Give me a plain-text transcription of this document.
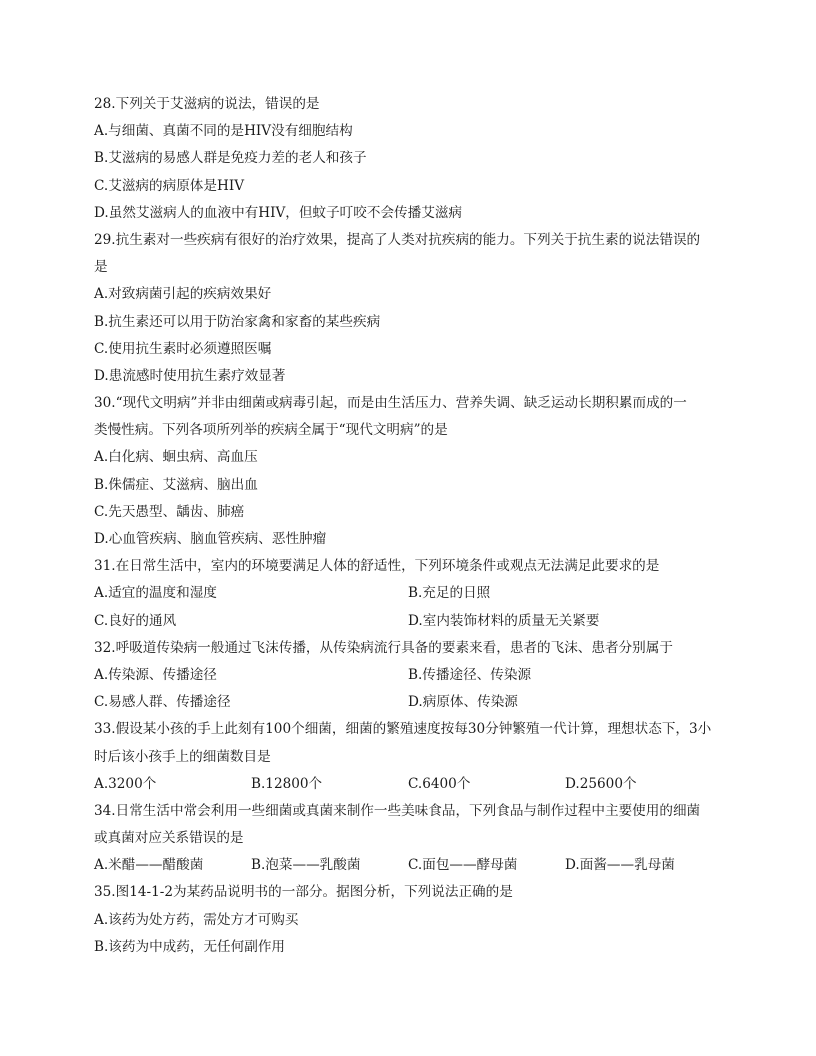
28.下列关于艾滋病的说法，错误的是
A.与细菌、真菌不同的是HIV没有细胞结构
B.艾滋病的易感人群是免疫力差的老人和孩子
C.艾滋病的病原体是HIV
D.虽然艾滋病人的血液中有HIV，但蚊子叮咬不会传播艾滋病
29.抗生素对一些疾病有很好的治疗效果，提高了人类对抗疾病的能力。下列关于抗生素的说法错误的
是
A.对致病菌引起的疾病效果好
B.抗生素还可以用于防治家禽和家畜的某些疾病
C.使用抗生素时必须遵照医嘱
D.患流感时使用抗生素疗效显著
30.“现代文明病”并非由细菌或病毒引起，而是由生活压力、营养失调、缺乏运动长期积累而成的一
类慢性病。下列各项所列举的疾病全属于“现代文明病”的是
A.白化病、蛔虫病、高血压
B.侏儒症、艾滋病、脑出血
C.先天愚型、龋齿、肺癌
D.心血管疾病、脑血管疾病、恶性肿瘤
31.在日常生活中，室内的环境要满足人体的舒适性，下列环境条件或观点无法满足此要求的是
A.适宜的温度和湿度	B.充足的日照
C.良好的通风	D.室内装饰材料的质量无关紧要
32.呼吸道传染病一般通过飞沫传播，从传染病流行具备的要素来看，患者的飞沫、患者分别属于
A.传染源、传播途径	B.传播途径、传染源
C.易感人群、传播途径	D.病原体、传染源
33.假设某小孩的手上此刻有100个细菌，细菌的繁殖速度按每30分钟繁殖一代计算，理想状态下，3小
时后该小孩手上的细菌数目是
A.3200个	B.12800个	C.6400个	D.25600个
34.日常生活中常会利用一些细菌或真菌来制作一些美味食品，下列食品与制作过程中主要使用的细菌
或真菌对应关系错误的是
A.米醋——醋酸菌	B.泡菜——乳酸菌	C.面包——酵母菌	D.面酱——乳母菌
35.图14-1-2为某药品说明书的一部分。据图分析，下列说法正确的是
A.该药为处方药，需处方才可购买
B.该药为中成药，无任何副作用
